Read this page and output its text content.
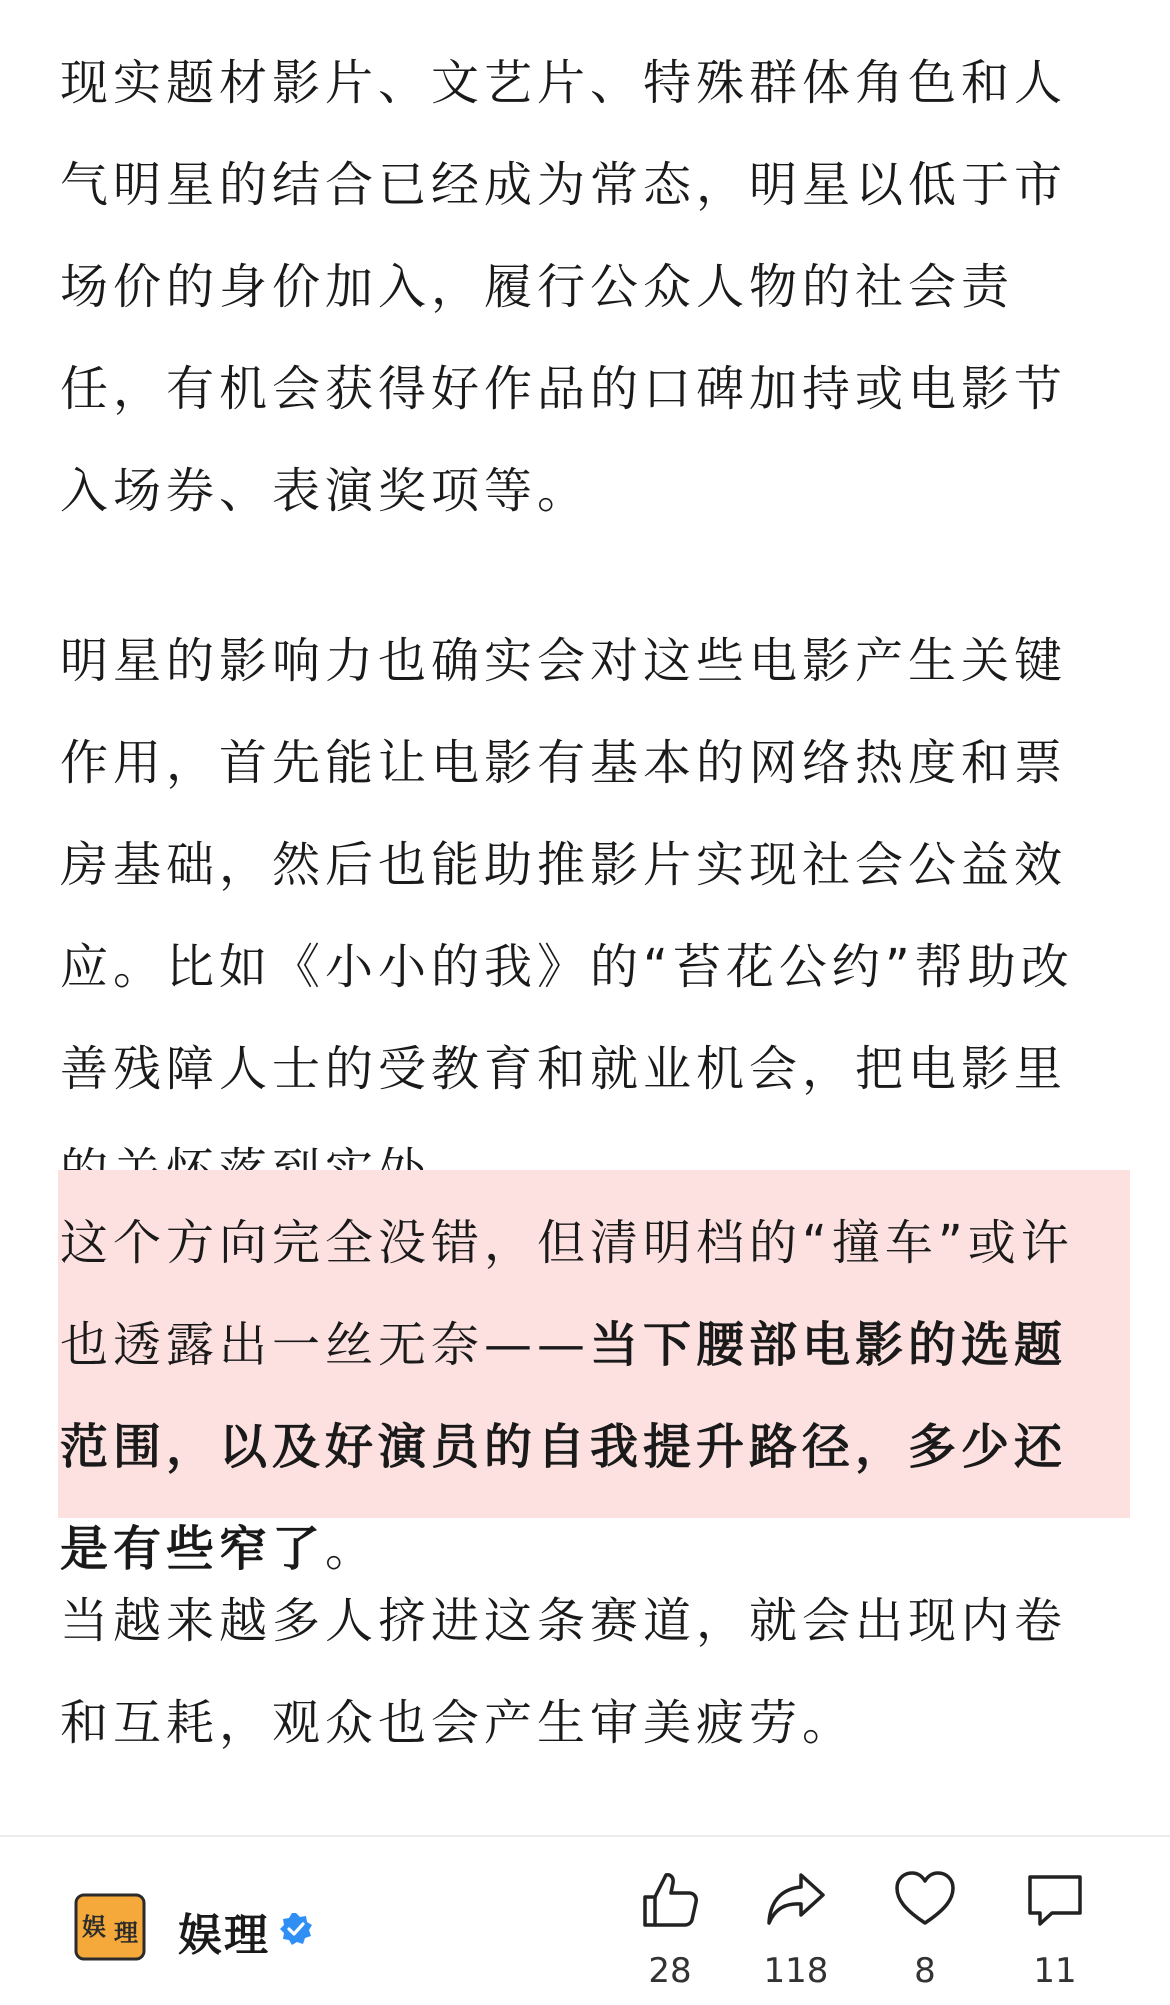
现实题材影片、文艺片、特殊群体角色和人气明星的结合已经成为常态，明星以低于市场价的身价加入，履行公众人物的社会责任，有机会获得好作品的口碑加持或电影节入场券、表演奖项等。

明星的影响力也确实会对这些电影产生关键作用，首先能让电影有基本的网络热度和票房基础，然后也能助推影片实现社会公益效应。比如《小小的我》的“苔花公约”帮助改善残障人士的受教育和就业机会，把电影里

这个方向完全没错，但清明档的“撞车”或许也透露出一丝无奈——当下腰部电影的选题范围，以及好演员的自我提升路径，多少还是有些窄了。

当越来越多人挤进这条赛道，就会出现内卷和互耗，观众也会产生审美疲劳。

娱 理 娱理
28	118	8	11
